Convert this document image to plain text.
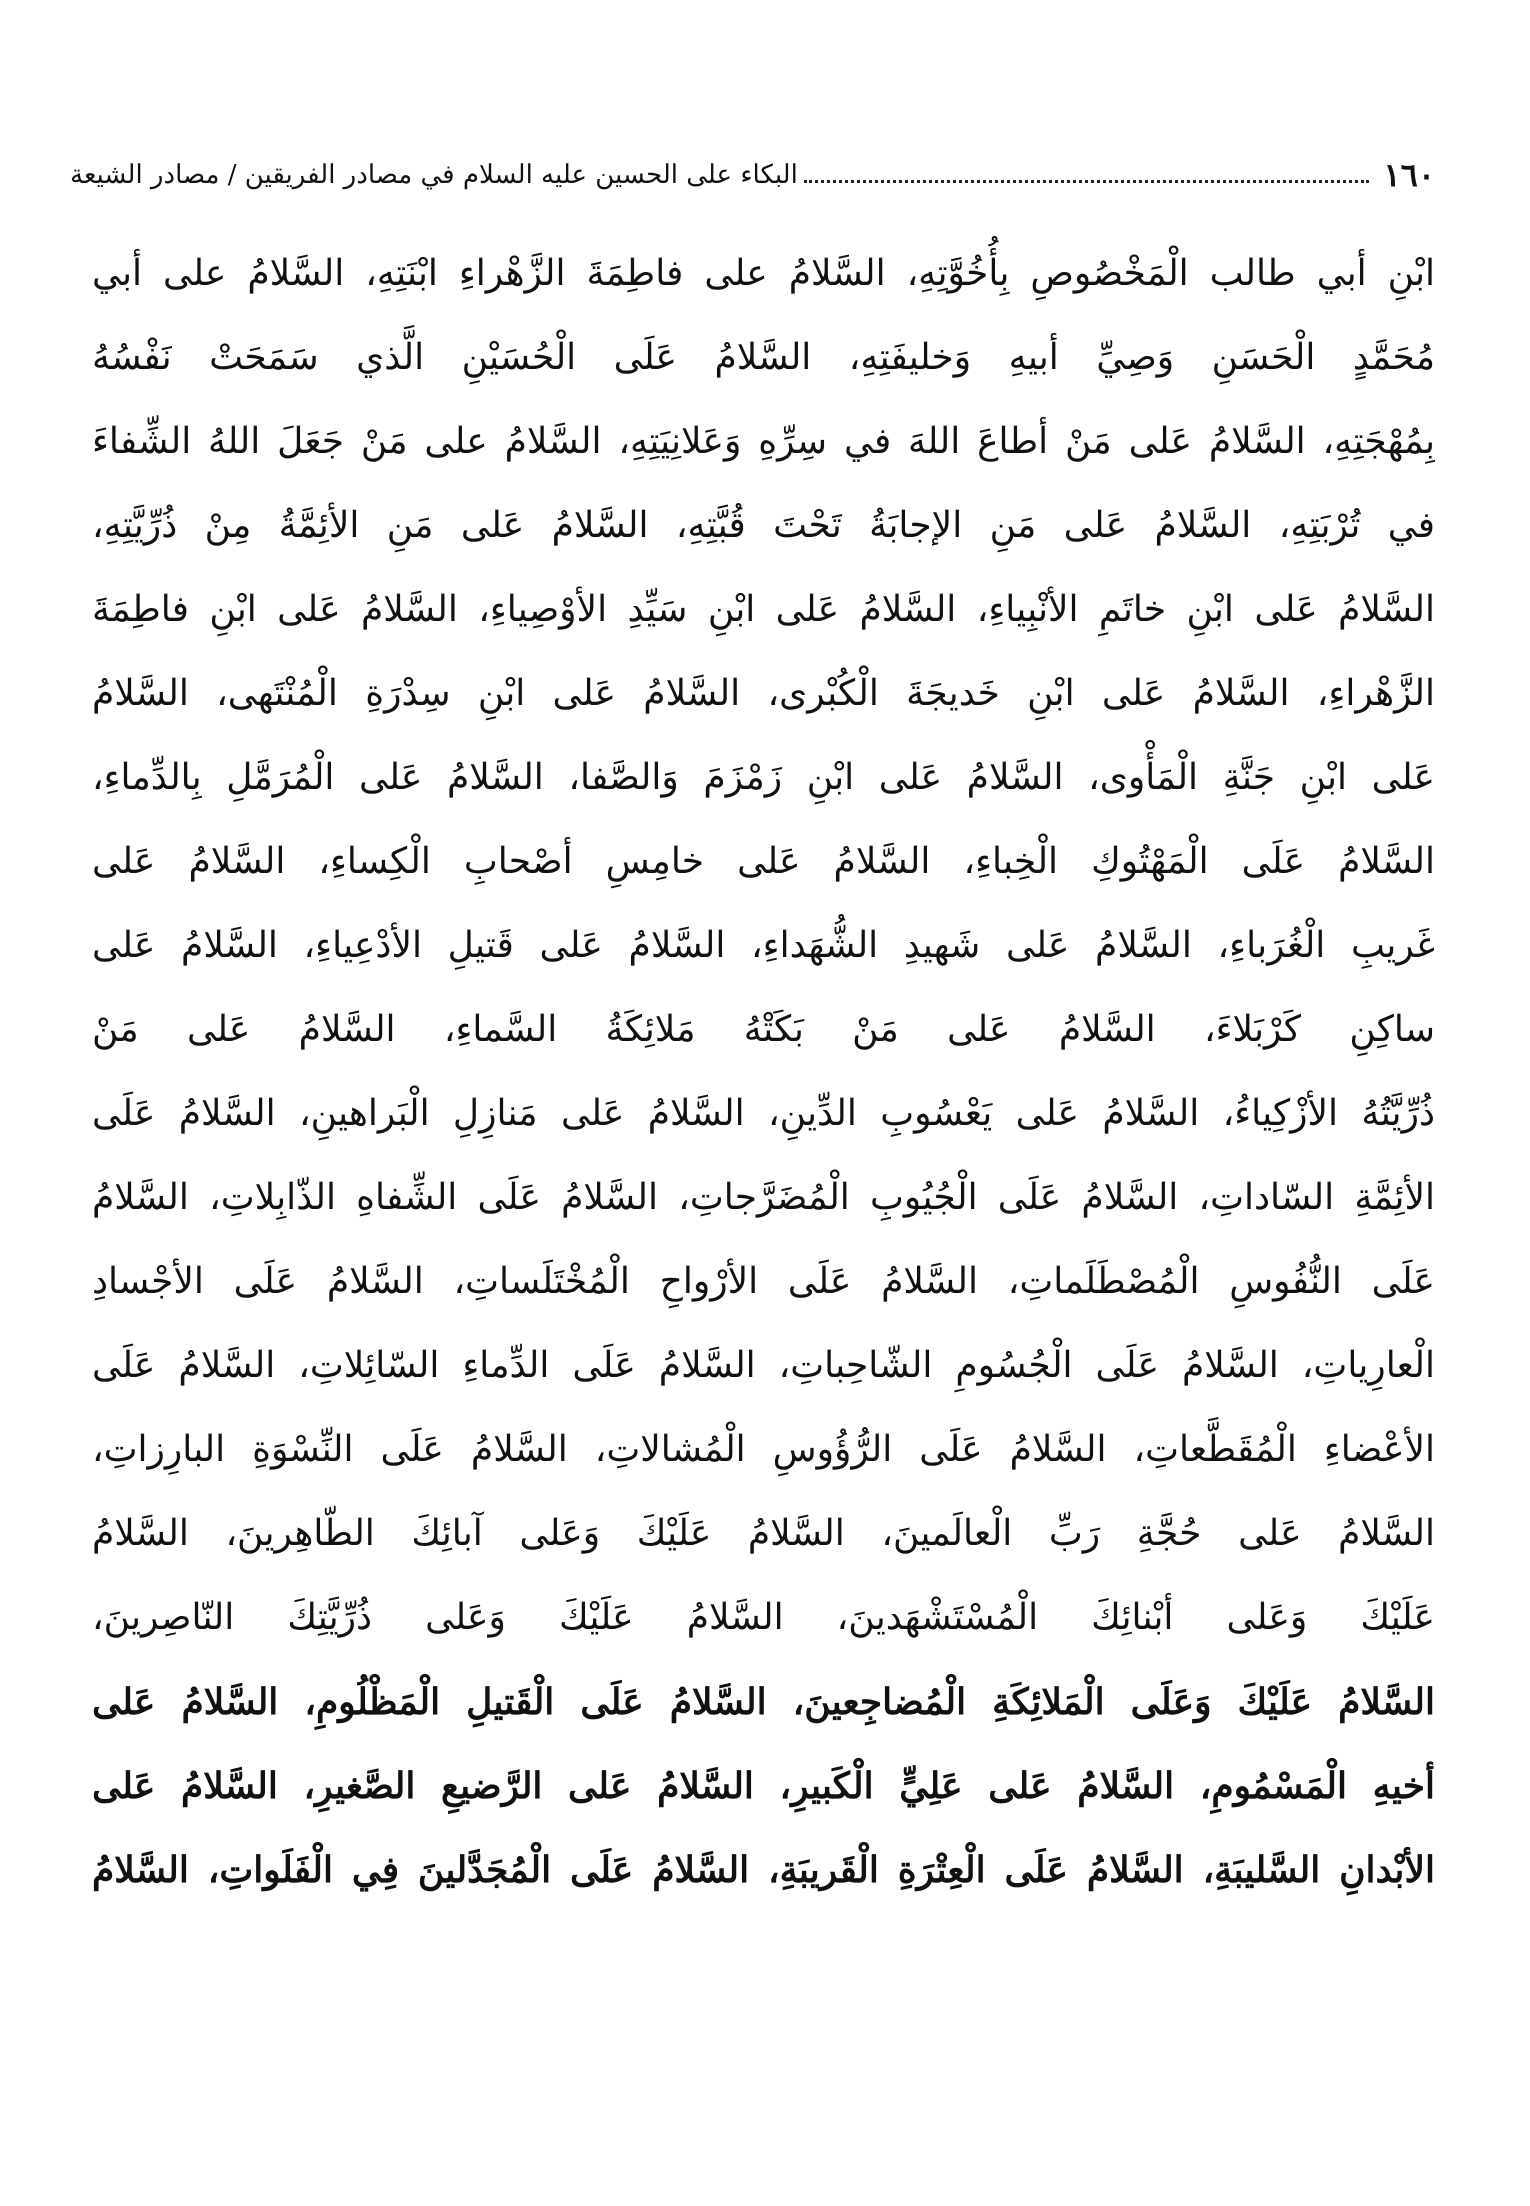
١٦٠
البكاء على الحسين عليه السلام في مصادر الفريقين / مصادر الشيعة
ابْنِ أبي طالب الْمَخْصُوصِ بِأُخُوَّتِهِ، السَّلامُ على فاطِمَةَ الزَّهْراءِ ابْنَتِهِ، السَّلامُ على أبي
مُحَمَّدٍ الْحَسَنِ وَصِيِّ أبيهِ وَخليفَتِهِ، السَّلامُ عَلَى الْحُسَيْنِ الَّذي سَمَحَتْ نَفْسُهُ
بِمُهْجَتِهِ، السَّلامُ عَلى مَنْ أطاعَ اللهَ في سِرِّهِ وَعَلانِيَتِهِ، السَّلامُ على مَنْ جَعَلَ اللهُ الشِّفاءَ
في تُرْبَتِهِ، السَّلامُ عَلى مَنِ الإجابَةُ تَحْتَ قُبَّتِهِ، السَّلامُ عَلى مَنِ الأئِمَّةُ مِنْ ذُرِّيَّتِهِ،
السَّلامُ عَلى ابْنِ خاتَمِ الأنْبِياءِ، السَّلامُ عَلى ابْنِ سَيِّدِ الأوْصِياءِ، السَّلامُ عَلى ابْنِ فاطِمَةَ
الزَّهْراءِ، السَّلامُ عَلى ابْنِ خَديجَةَ الْكُبْرى، السَّلامُ عَلى ابْنِ سِدْرَةِ الْمُنْتَهى، السَّلامُ
عَلى ابْنِ جَنَّةِ الْمَأْوى، السَّلامُ عَلى ابْنِ زَمْزَمَ وَالصَّفا، السَّلامُ عَلى الْمُرَمَّلِ بِالدِّماءِ،
السَّلامُ عَلَى الْمَهْتُوكِ الْخِباءِ، السَّلامُ عَلى خامِسِ أصْحابِ الْكِساءِ، السَّلامُ عَلى
غَريبِ الْغُرَباءِ، السَّلامُ عَلى شَهيدِ الشُّهَداءِ، السَّلامُ عَلى قَتيلِ الأدْعِياءِ، السَّلامُ عَلى
ساكِنِ كَرْبَلاءَ، السَّلامُ عَلى مَنْ بَكَتْهُ مَلائِكَةُ السَّماءِ، السَّلامُ عَلى مَنْ
ذُرِّيَّتُهُ الأزْكِياءُ، السَّلامُ عَلى يَعْسُوبِ الدِّينِ، السَّلامُ عَلى مَنازِلِ الْبَراهينِ، السَّلامُ عَلَى
الأئِمَّةِ السّاداتِ، السَّلامُ عَلَى الْجُيُوبِ الْمُضَرَّجاتِ، السَّلامُ عَلَى الشِّفاهِ الذّابِلاتِ، السَّلامُ
عَلَى النُّفُوسِ الْمُصْطَلَماتِ، السَّلامُ عَلَى الأرْواحِ الْمُخْتَلَساتِ، السَّلامُ عَلَى الأجْسادِ
الْعارِياتِ، السَّلامُ عَلَى الْجُسُومِ الشّاحِباتِ، السَّلامُ عَلَى الدِّماءِ السّائِلاتِ، السَّلامُ عَلَى
الأعْضاءِ الْمُقَطَّعاتِ، السَّلامُ عَلَى الرُّؤُوسِ الْمُشالاتِ، السَّلامُ عَلَى النِّسْوَةِ البارِزاتِ،
السَّلامُ عَلى حُجَّةِ رَبِّ الْعالَمينَ، السَّلامُ عَلَيْكَ وَعَلى آبائِكَ الطّاهِرينَ، السَّلامُ
عَلَيْكَ وَعَلى أبْنائِكَ الْمُسْتَشْهَدينَ، السَّلامُ عَلَيْكَ وَعَلى ذُرِّيَّتِكَ النّاصِرينَ،
السَّلامُ عَلَيْكَ وَعَلَى الْمَلائِكَةِ الْمُضاجِعينَ، السَّلامُ عَلَى الْقَتيلِ الْمَظْلُومِ، السَّلامُ عَلى
أخيهِ الْمَسْمُومِ، السَّلامُ عَلى عَلِيٍّ الْكَبيرِ، السَّلامُ عَلى الرَّضيعِ الصَّغيرِ، السَّلامُ عَلى
الأبْدانِ السَّليبَةِ، السَّلامُ عَلَى الْعِتْرَةِ الْقَريبَةِ، السَّلامُ عَلَى الْمُجَدَّلينَ فِي الْفَلَواتِ، السَّلامُ
